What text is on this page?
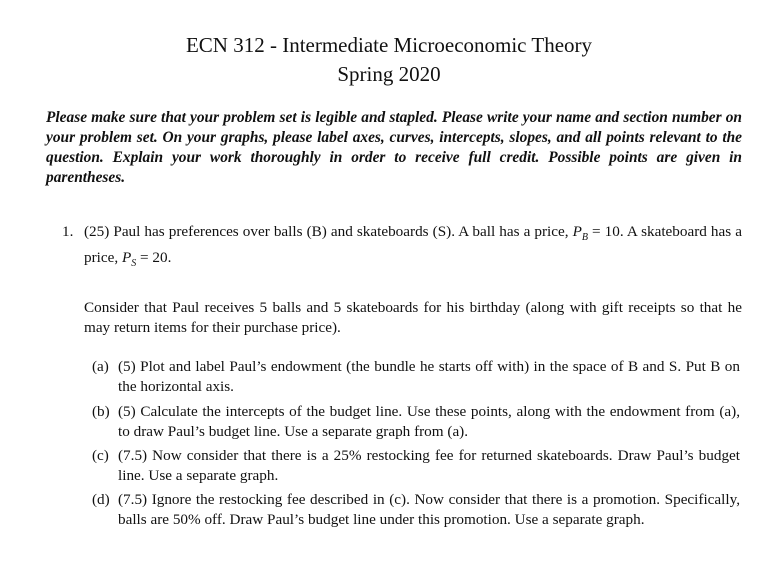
ECN 312 - Intermediate Microeconomic Theory
Spring 2020
Please make sure that your problem set is legible and stapled. Please write your name and section number on your problem set. On your graphs, please label axes, curves, intercepts, slopes, and all points relevant to the question. Explain your work thoroughly in order to receive full credit. Possible points are given in parentheses.
1. (25) Paul has preferences over balls (B) and skateboards (S). A ball has a price, $P_B = 10$. A skateboard has a price, $P_S = 20$.
Consider that Paul receives 5 balls and 5 skateboards for his birthday (along with gift receipts so that he may return items for their purchase price).
(a) (5) Plot and label Paul’s endowment (the bundle he starts off with) in the space of B and S. Put B on the horizontal axis.
(b) (5) Calculate the intercepts of the budget line. Use these points, along with the endowment from (a), to draw Paul’s budget line. Use a separate graph from (a).
(c) (7.5) Now consider that there is a 25% restocking fee for returned skateboards. Draw Paul’s budget line. Use a separate graph.
(d) (7.5) Ignore the restocking fee described in (c). Now consider that there is a promotion. Specifically, balls are 50% off. Draw Paul’s budget line under this promotion. Use a separate graph.
